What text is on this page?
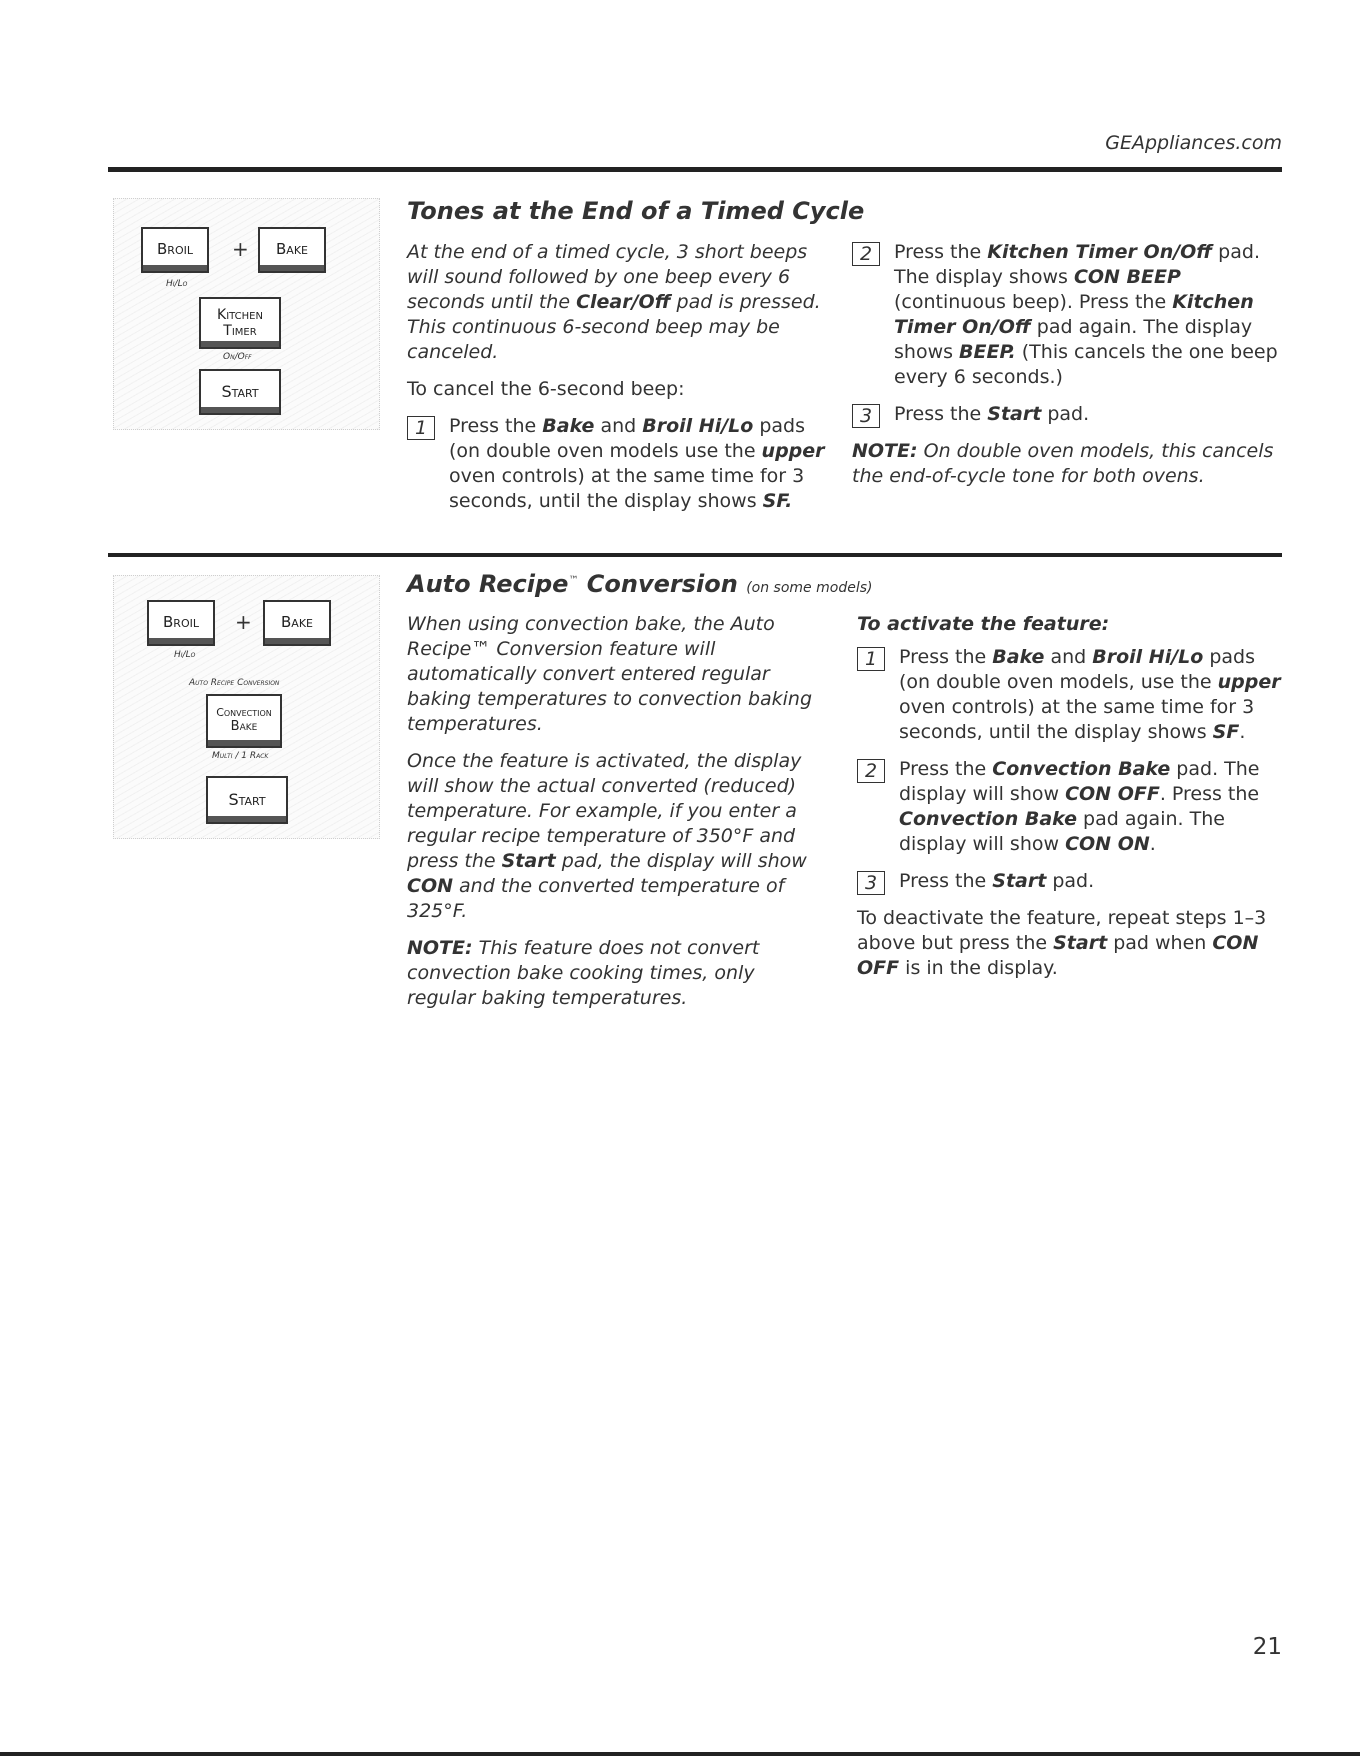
GEAppliances.com
Broil
Hi/Lo
+ Bake
Kitchen
Timer
On/Off
Start
Tones at the End of a Timed Cycle

At the end of a timed cycle, 3 short beeps will sound followed by one beep every 6 seconds until the Clear/Off pad is pressed. This continuous 6-second beep may be canceled.

To cancel the 6-second beep:

1	Press the Bake and Broil Hi/Lo pads (on double oven models use the upper oven controls) at the same time for 3 seconds, until the display shows SF.
2	Press the Kitchen Timer On/Off pad. The display shows CON BEEP (continuous beep). Press the Kitchen Timer On/Off pad again. The display shows BEEP. (This cancels the one beep every 6 seconds.)
3	Press the Start pad.

NOTE: On double oven models, this cancels the end-of-cycle tone for both ovens.

Broil
Hi/Lo
+ Bake
Auto Recipe Conversion
Convection
Bake
Multi / 1 Rack
Start
Auto Recipe™ Conversion (on some models)

When using convection bake, the Auto Recipe™ Conversion feature will automatically convert entered regular baking temperatures to convection baking temperatures.

Once the feature is activated, the display will show the actual converted (reduced) temperature. For example, if you enter a regular recipe temperature of 350°F and press the Start pad, the display will show CON and the converted temperature of 325°F.

NOTE: This feature does not convert convection bake cooking times, only regular baking temperatures.

To activate the feature:
1	Press the Bake and Broil Hi/Lo pads (on double oven models, use the upper oven controls) at the same time for 3 seconds, until the display shows SF.
2	Press the Convection Bake pad. The display will show CON OFF. Press the Convection Bake pad again. The display will show CON ON.
3	Press the Start pad.

To deactivate the feature, repeat steps 1–3 above but press the Start pad when CON OFF is in the display.

21
